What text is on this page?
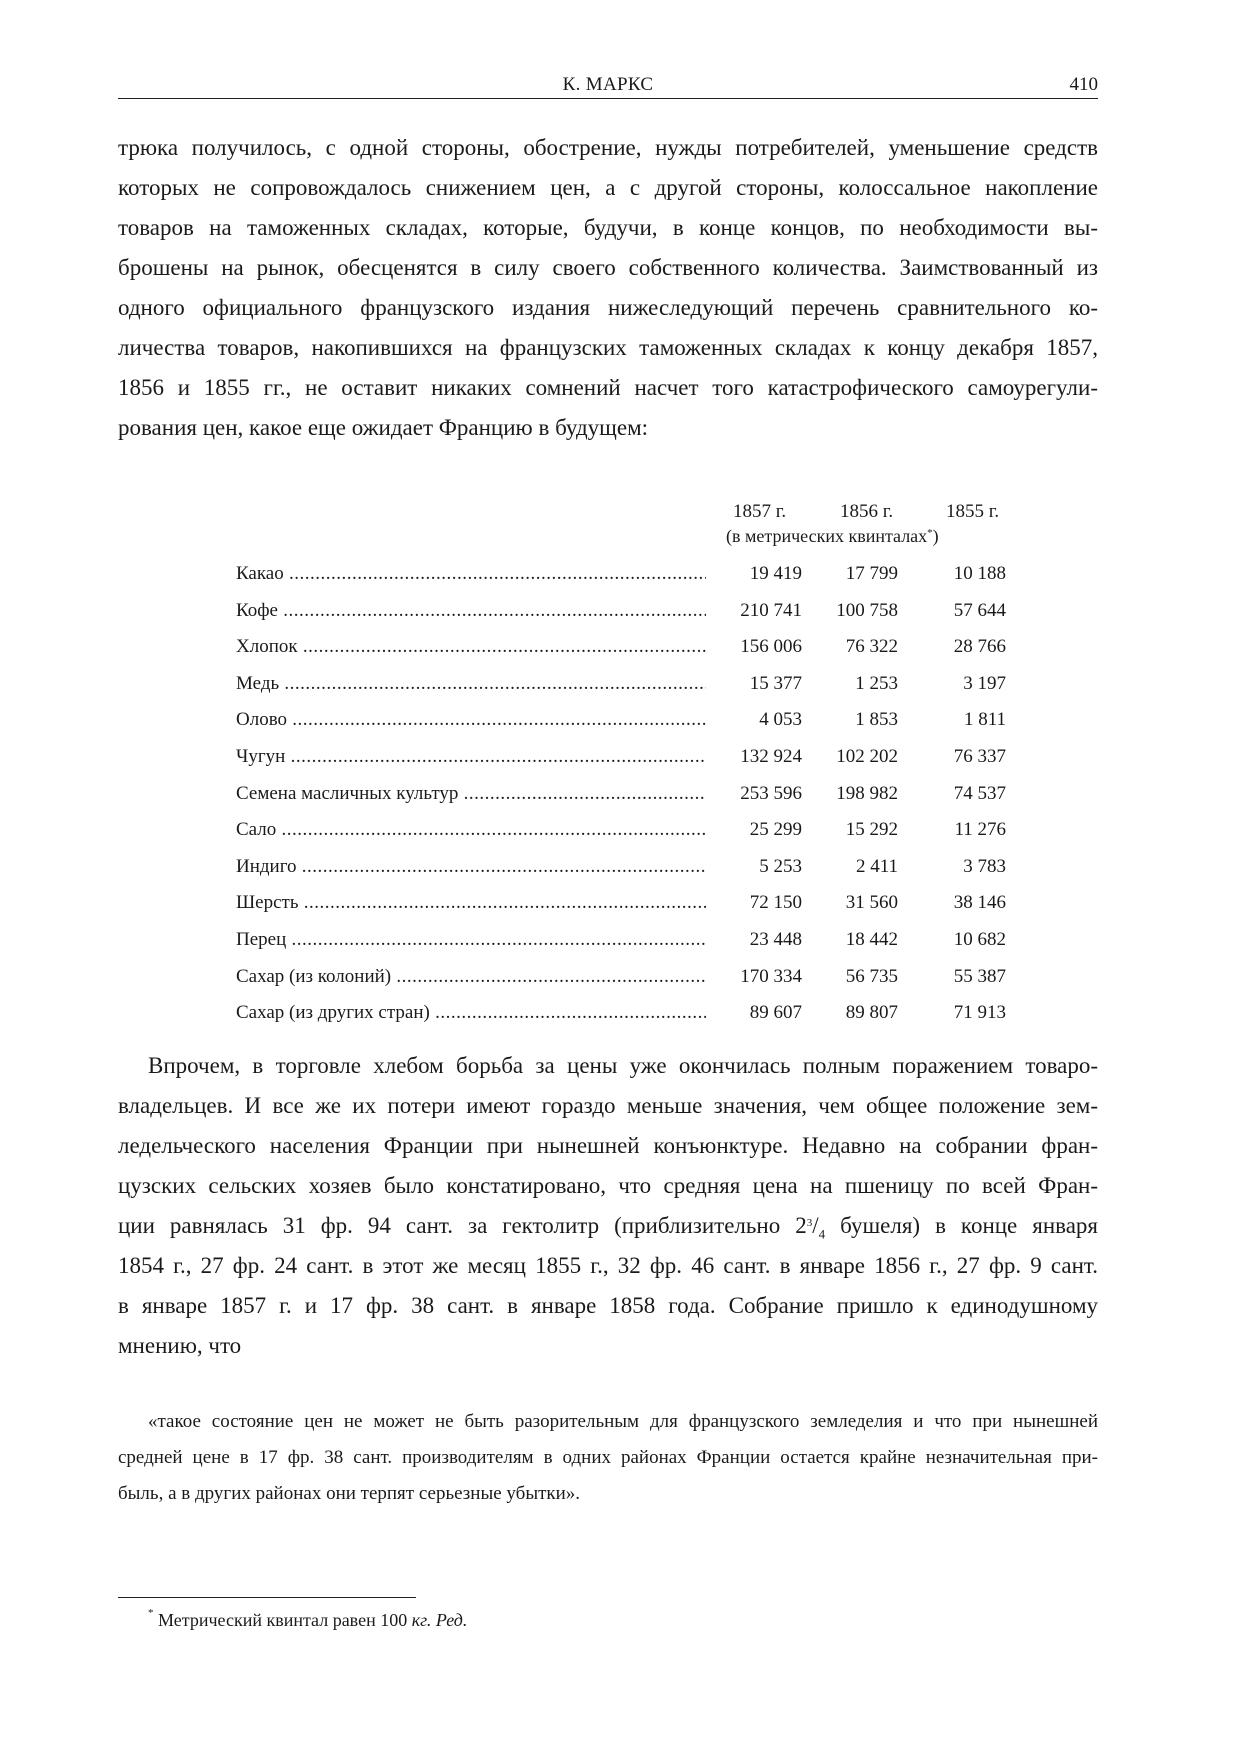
К. МАРКС	410
трюка получилось, с одной стороны, обострение, нужды потребителей, уменьшение средств
которых не сопровождалось снижением цен, а с другой стороны, колоссальное накопление
товаров на таможенных складах, которые, будучи, в конце концов, по необходимости вы-
брошены на рынок, обесценятся в силу своего собственного количества. Заимствованный из
одного официального французского издания нижеследующий перечень сравнительного ко-
личества товаров, накопившихся на французских таможенных складах к концу декабря 1857,
1856 и 1855 гг., не оставит никаких сомнений насчет того катастрофического самоурегули-
рования цен, какое еще ожидает Францию в будущем:
1857 г.	1856 г.	1855 г.
(в метрических квинталах*)
Какао .....	19 419	17 799	10 188
Кофе .....	210 741	100 758	57 644
Хлопок .....	156 006	76 322	28 766
Медь .....	15 377	1 253	3 197
Олово .....	4 053	1 853	1 811
Чугун .....	132 924	102 202	76 337
Семена масличных культур .....	253 596	198 982	74 537
Сало .....	25 299	15 292	11 276
Индиго .....	5 253	2 411	3 783
Шерсть .....	72 150	31 560	38 146
Перец .....	23 448	18 442	10 682
Сахар (из колоний) .....	170 334	56 735	55 387
Сахар (из других стран) .....	89 607	89 807	71 913
Впрочем, в торговле хлебом борьба за цены уже окончилась полным поражением товаро-
владельцев. И все же их потери имеют гораздо меньше значения, чем общее положение зем-
ледельческого населения Франции при нынешней конъюнктуре. Недавно на собрании фран-
цузских сельских хозяев было констатировано, что средняя цена на пшеницу по всей Фран-
ции равнялась 31 фр. 94 сант. за гектолитр (приблизительно $2^3/_4$ бушеля) в конце января
1854 г., 27 фр. 24 сант. в этот же месяц 1855 г., 32 фр. 46 сант. в январе 1856 г., 27 фр. 9 сант.
в январе 1857 г. и 17 фр. 38 сант. в январе 1858 года. Собрание пришло к единодушному
мнению, что
«такое состояние цен не может не быть разорительным для французского земледелия и что при нынешней
средней цене в 17 фр. 38 сант. производителям в одних районах Франции остается крайне незначительная при-
быль, а в других районах они терпят серьезные убытки».
* Метрический квинтал равен 100 кг. Ред.
